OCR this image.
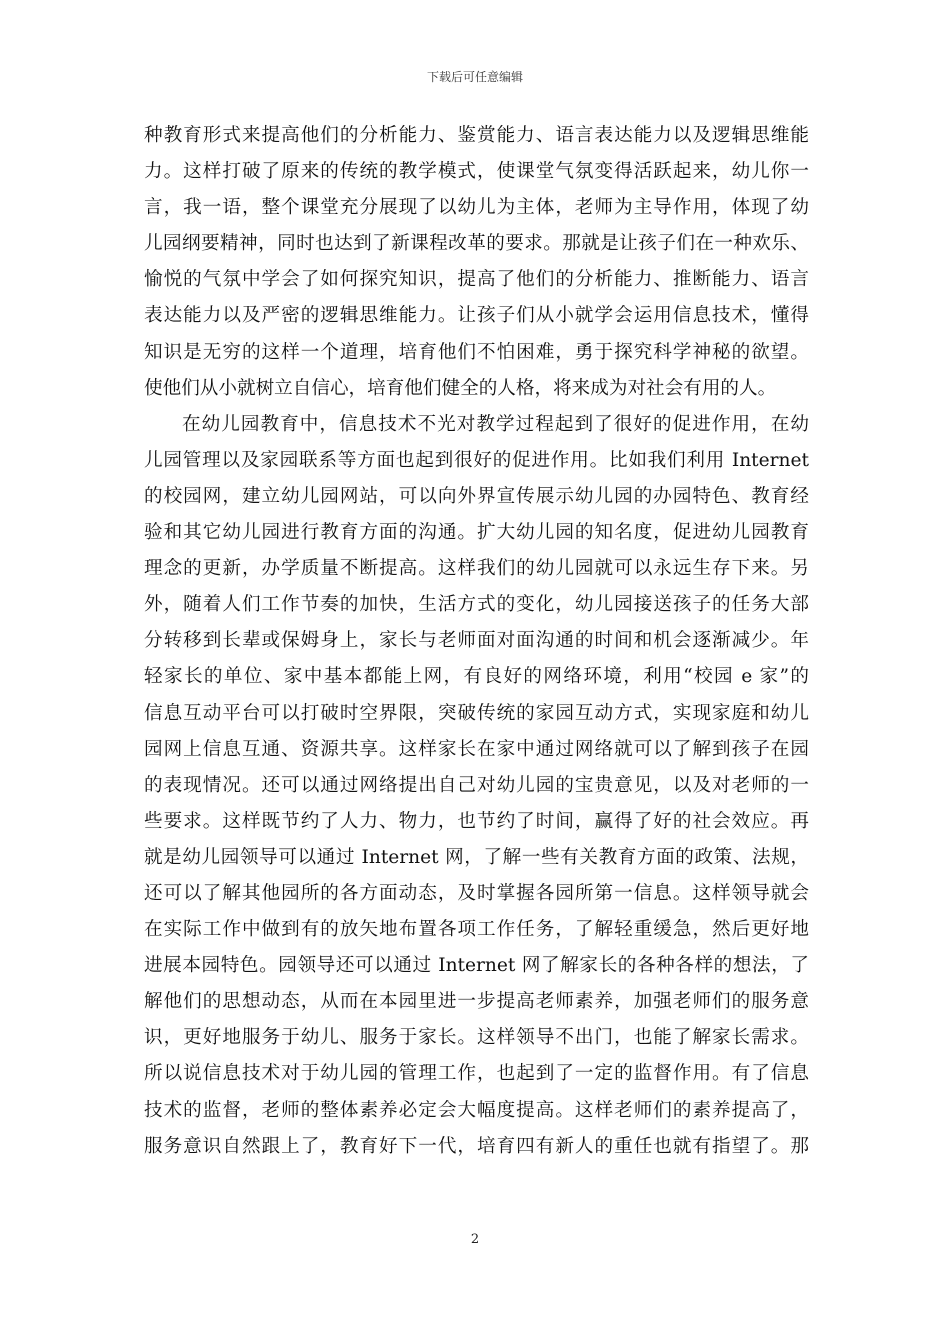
下载后可任意编辑
种教育形式来提高他们的分析能力、鉴赏能力、语言表达能力以及逻辑思维能
力。这样打破了原来的传统的教学模式，使课堂气氛变得活跃起来，幼儿你一
言，我一语，整个课堂充分展现了以幼儿为主体，老师为主导作用，体现了幼
儿园纲要精神，同时也达到了新课程改革的要求。那就是让孩子们在一种欢乐、
愉悦的气氛中学会了如何探究知识，提高了他们的分析能力、推断能力、语言
表达能力以及严密的逻辑思维能力。让孩子们从小就学会运用信息技术，懂得
知识是无穷的这样一个道理，培育他们不怕困难，勇于探究科学神秘的欲望。
使他们从小就树立自信心，培育他们健全的人格，将来成为对社会有用的人。
在幼儿园教育中，信息技术不光对教学过程起到了很好的促进作用，在幼
儿园管理以及家园联系等方面也起到很好的促进作用。比如我们利用 Internet
的校园网，建立幼儿园网站，可以向外界宣传展示幼儿园的办园特色、教育经
验和其它幼儿园进行教育方面的沟通。扩大幼儿园的知名度，促进幼儿园教育
理念的更新，办学质量不断提高。这样我们的幼儿园就可以永远生存下来。另
外，随着人们工作节奏的加快，生活方式的变化，幼儿园接送孩子的任务大部
分转移到长辈或保姆身上，家长与老师面对面沟通的时间和机会逐渐减少。年
轻家长的单位、家中基本都能上网，有良好的网络环境，利用“校园 e 家”的
信息互动平台可以打破时空界限，突破传统的家园互动方式，实现家庭和幼儿
园网上信息互通、资源共享。这样家长在家中通过网络就可以了解到孩子在园
的表现情况。还可以通过网络提出自己对幼儿园的宝贵意见，以及对老师的一
些要求。这样既节约了人力、物力，也节约了时间，赢得了好的社会效应。再
就是幼儿园领导可以通过 Internet 网，了解一些有关教育方面的政策、法规，
还可以了解其他园所的各方面动态，及时掌握各园所第一信息。这样领导就会
在实际工作中做到有的放矢地布置各项工作任务，了解轻重缓急，然后更好地
进展本园特色。园领导还可以通过 Internet 网了解家长的各种各样的想法，了
解他们的思想动态，从而在本园里进一步提高老师素养，加强老师们的服务意
识，更好地服务于幼儿、服务于家长。这样领导不出门，也能了解家长需求。
所以说信息技术对于幼儿园的管理工作，也起到了一定的监督作用。有了信息
技术的监督，老师的整体素养必定会大幅度提高。这样老师们的素养提高了，
服务意识自然跟上了，教育好下一代，培育四有新人的重任也就有指望了。那
2
